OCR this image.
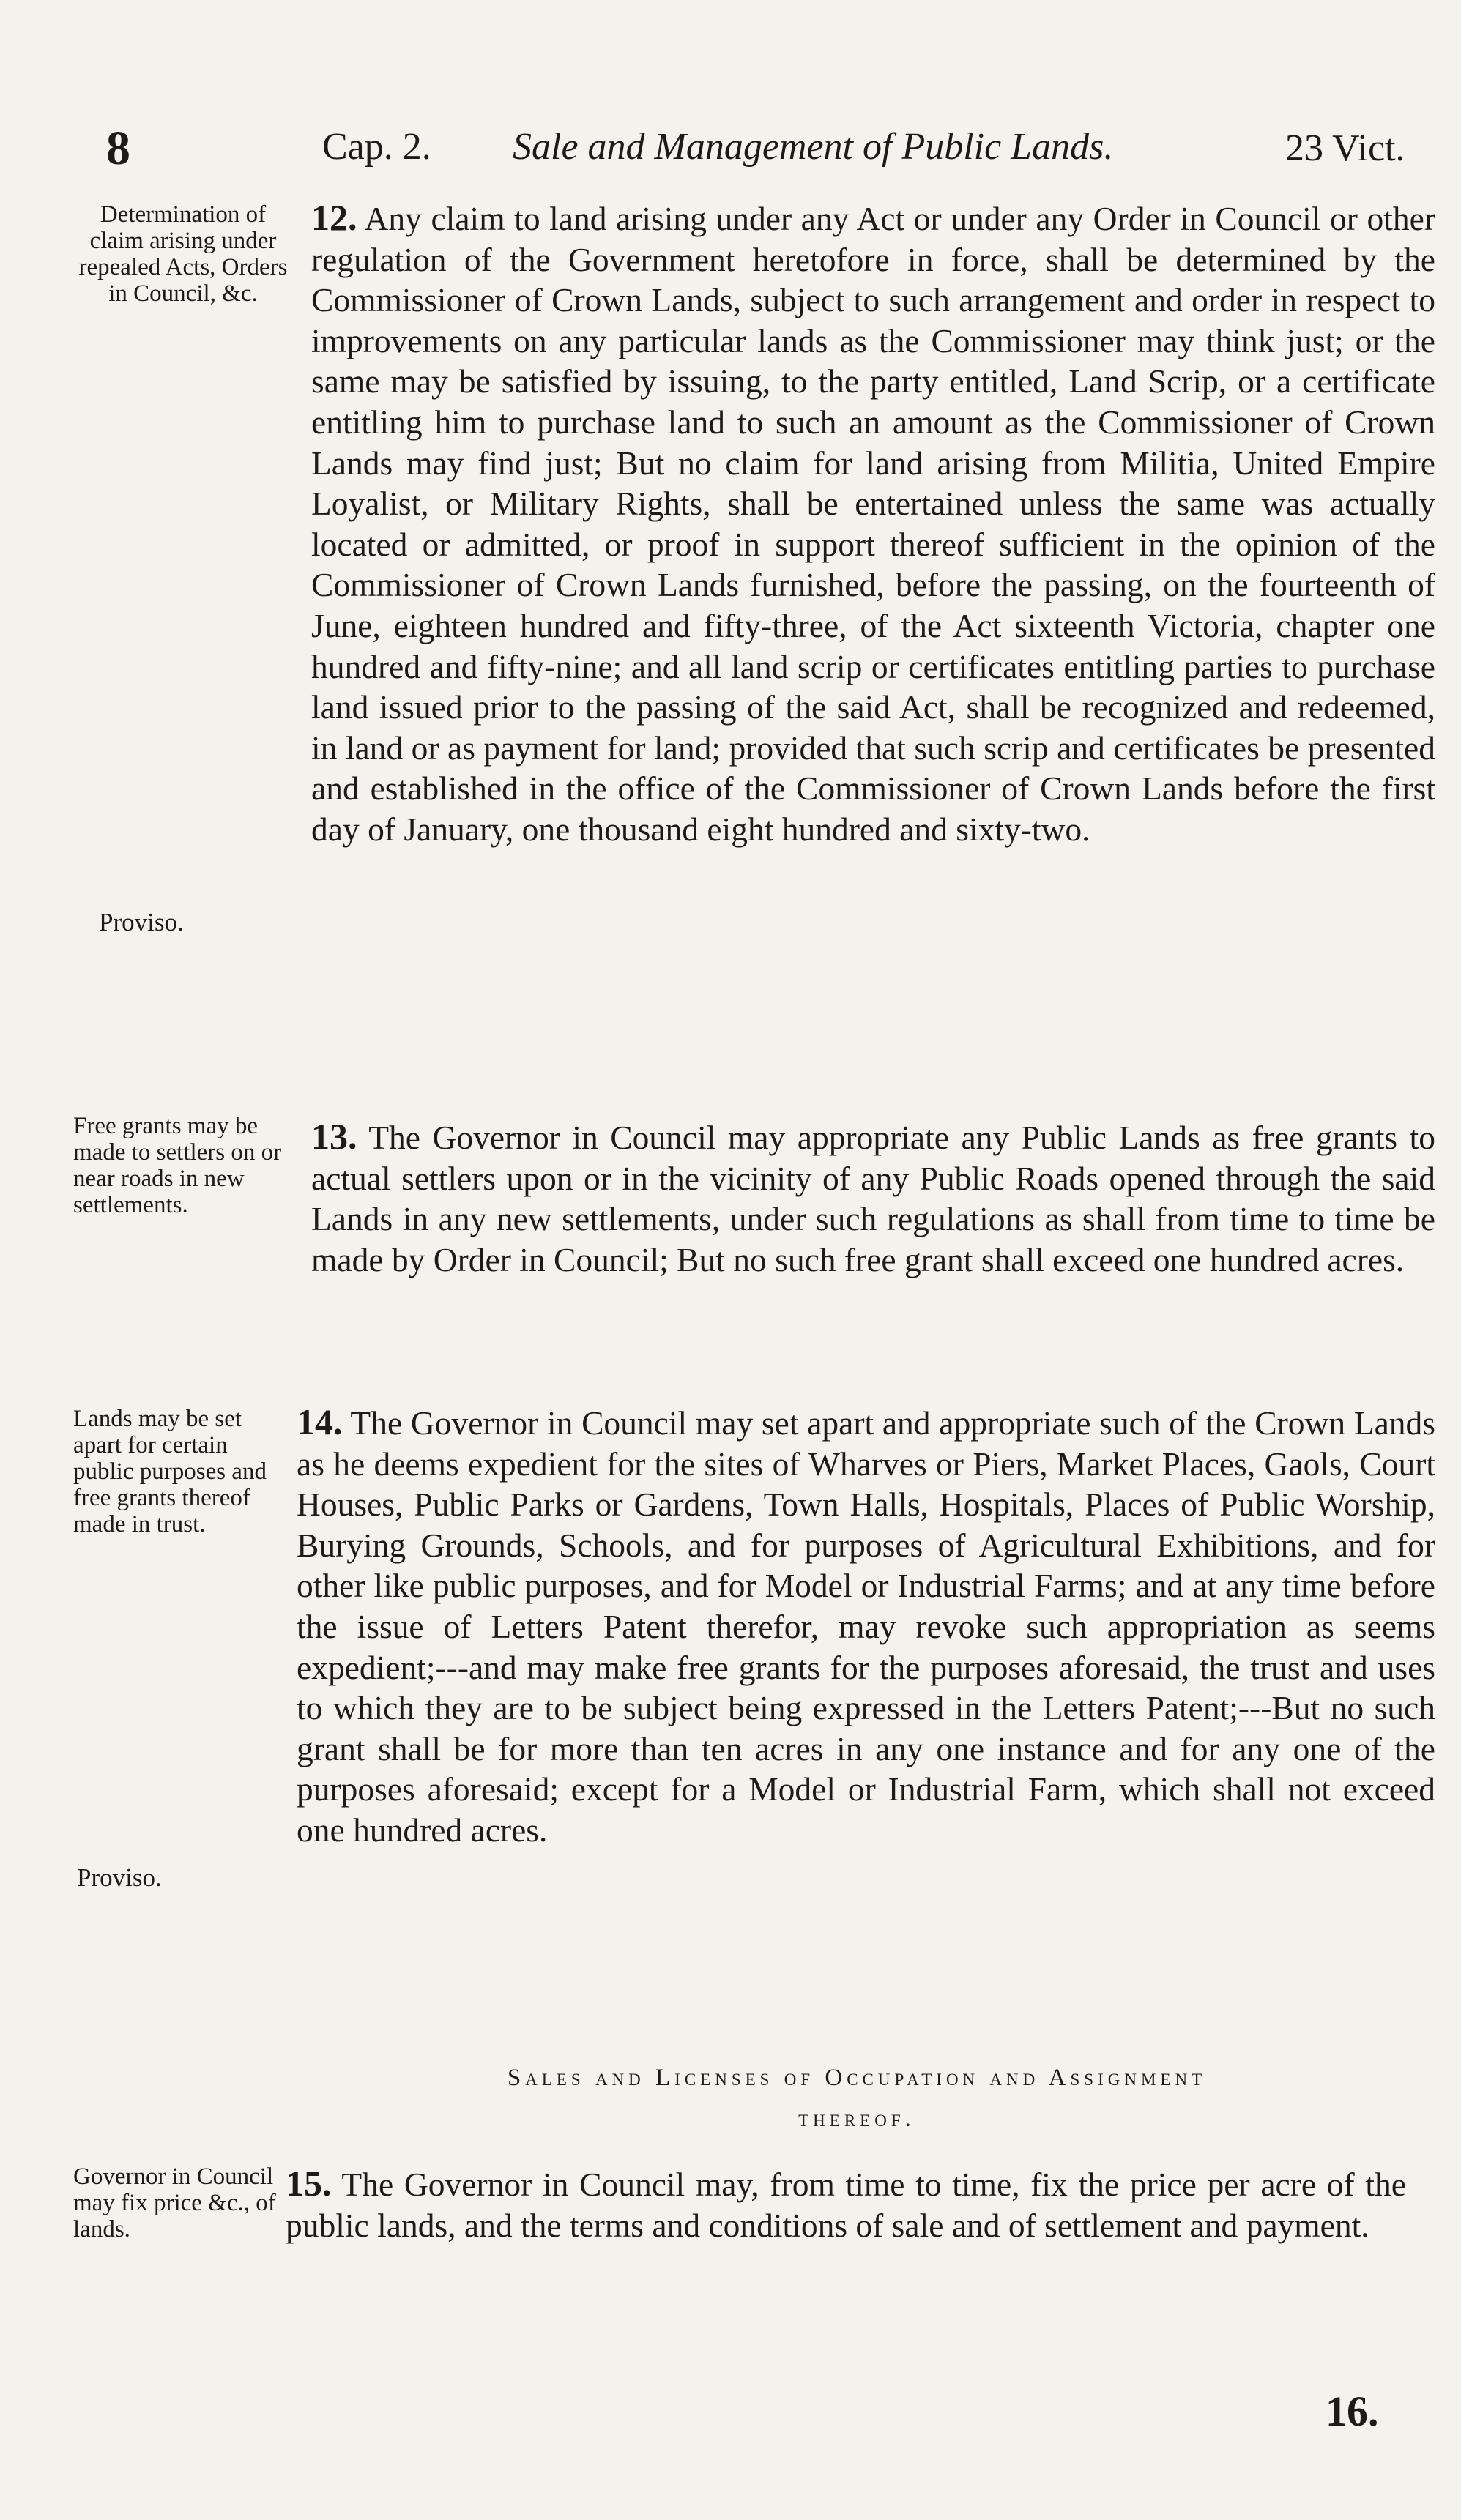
8	Cap. 2. Sale and Management of Public Lands.	23 Vict.
Determination of claim arising under repealed Acts, Orders in Council, &c.
Proviso.
12. Any claim to land arising under any Act or under any Order in Council or other regulation of the Government heretofore in force, shall be determined by the Commissioner of Crown Lands, subject to such arrangement and order in respect to improvements on any particular lands as the Commissioner may think just; or the same may be satisfied by issuing, to the party entitled, Land Scrip, or a certificate entitling him to purchase land to such an amount as the Commissioner of Crown Lands may find just; But no claim for land arising from Militia, United Empire Loyalist, or Military Rights, shall be entertained unless the same was actually located or admitted, or proof in support thereof sufficient in the opinion of the Commissioner of Crown Lands furnished, before the passing, on the fourteenth of June, eighteen hundred and fifty-three, of the Act sixteenth Victoria, chapter one hundred and fifty-nine; and all land scrip or certificates entitling parties to purchase land issued prior to the passing of the said Act, shall be recognized and redeemed, in land or as payment for land; provided that such scrip and certificates be presented and established in the office of the Commissioner of Crown Lands before the first day of January, one thousand eight hundred and sixty-two.
Free grants may be made to settlers on or near roads in new settlements.
13. The Governor in Council may appropriate any Public Lands as free grants to actual settlers upon or in the vicinity of any Public Roads opened through the said Lands in any new settlements, under such regulations as shall from time to time be made by Order in Council; But no such free grant shall exceed one hundred acres.
Lands may be set apart for certain public purposes and free grants thereof made in trust.
Proviso.
14. The Governor in Council may set apart and appropriate such of the Crown Lands as he deems expedient for the sites of Wharves or Piers, Market Places, Gaols, Court Houses, Public Parks or Gardens, Town Halls, Hospitals, Places of Public Worship, Burying Grounds, Schools, and for purposes of Agricultural Exhibitions, and for other like public purposes, and for Model or Industrial Farms; and at any time before the issue of Letters Patent therefor, may revoke such appropriation as seems expedient;---and may make free grants for the purposes aforesaid, the trust and uses to which they are to be subject being expressed in the Letters Patent;---But no such grant shall be for more than ten acres in any one instance and for any one of the purposes aforesaid; except for a Model or Industrial Farm, which shall not exceed one hundred acres.
Sales and Licenses of Occupation and Assignment
thereof.
Governor in Council may fix price &c., of lands.
15. The Governor in Council may, from time to time, fix the price per acre of the public lands, and the terms and conditions of sale and of settlement and payment.
16.
